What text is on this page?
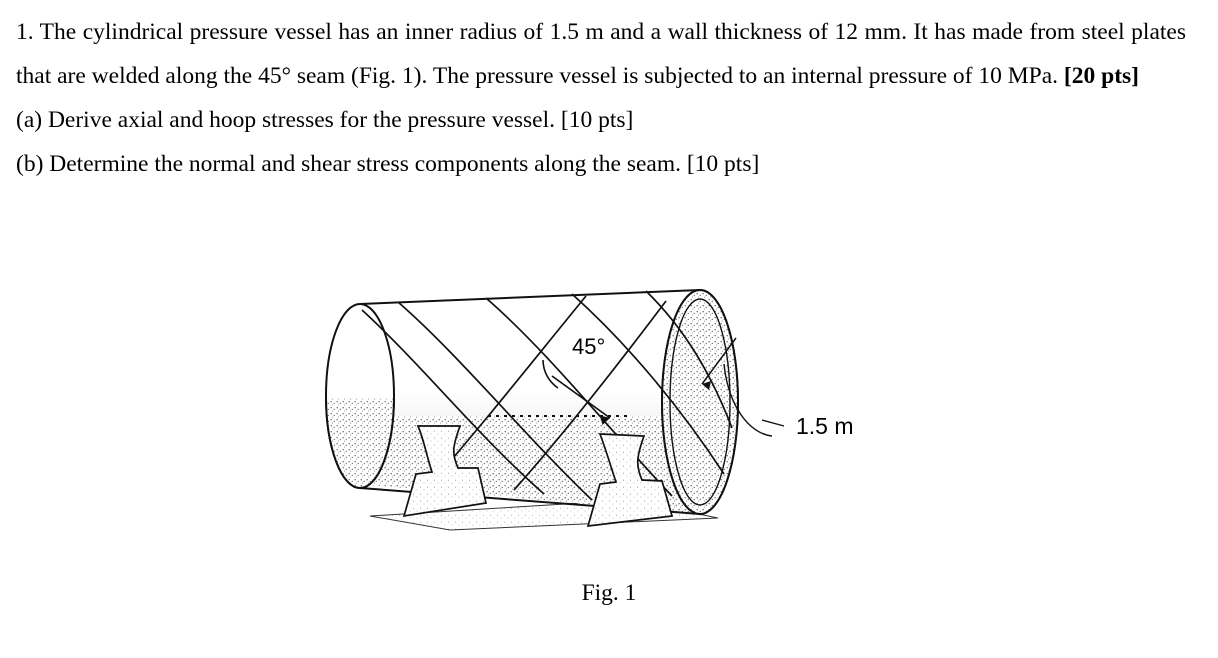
1. The cylindrical pressure vessel has an inner radius of 1.5 m and a wall thickness of 12 mm. It has made from steel plates that are welded along the 45° seam (Fig. 1). The pressure vessel is subjected to an internal pressure of 10 MPa. [20 pts]

(a) Derive axial and hoop stresses for the pressure vessel. [10 pts]

(b) Determine the normal and shear stress components along the seam. [10 pts]

45°
1.5 m
Fig. 1
